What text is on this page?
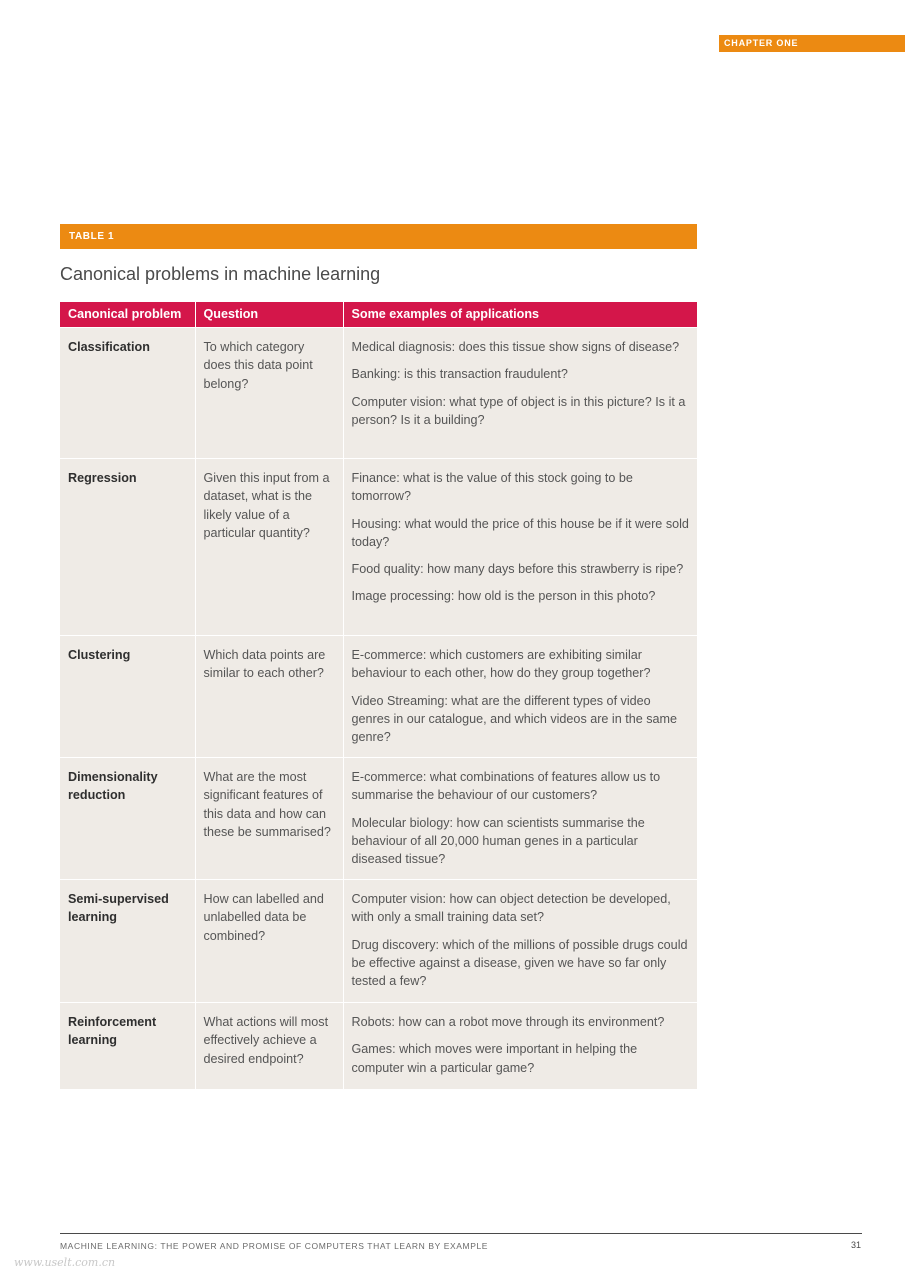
CHAPTER ONE
TABLE 1
Canonical problems in machine learning
Canonical problem	Question	Some examples of applications
Classification	To which category does this data point belong?	Medical diagnosis: does this tissue show signs of disease?

Banking: is this transaction fraudulent?

Computer vision: what type of object is in this picture? Is it a person? Is it a building?

Regression	Given this input from a dataset, what is the likely value of a particular quantity?	Finance: what is the value of this stock going to be tomorrow?

Housing: what would the price of this house be if it were sold today?

Food quality: how many days before this strawberry is ripe?

Image processing: how old is the person in this photo?

Clustering	Which data points are similar to each other?	E-commerce: which customers are exhibiting similar behaviour to each other, how do they group together?

Video Streaming: what are the different types of video genres in our catalogue, and which videos are in the same genre?

Dimensionality reduction	What are the most significant features of this data and how can these be summarised?	E-commerce: what combinations of features allow us to summarise the behaviour of our customers?

Molecular biology: how can scientists summarise the behaviour of all 20,000 human genes in a particular diseased tissue?

Semi-supervised learning	How can labelled and unlabelled data be combined?	Computer vision: how can object detection be developed, with only a small training data set?

Drug discovery: which of the millions of possible drugs could be effective against a disease, given we have so far only tested a few?

Reinforcement learning	What actions will most effectively achieve a desired endpoint?	Robots: how can a robot move through its environment?

Games: which moves were important in helping the computer win a particular game?

MACHINE LEARNING: THE POWER AND PROMISE OF COMPUTERS THAT LEARN BY EXAMPLE	31
www.uselt.com.cn
